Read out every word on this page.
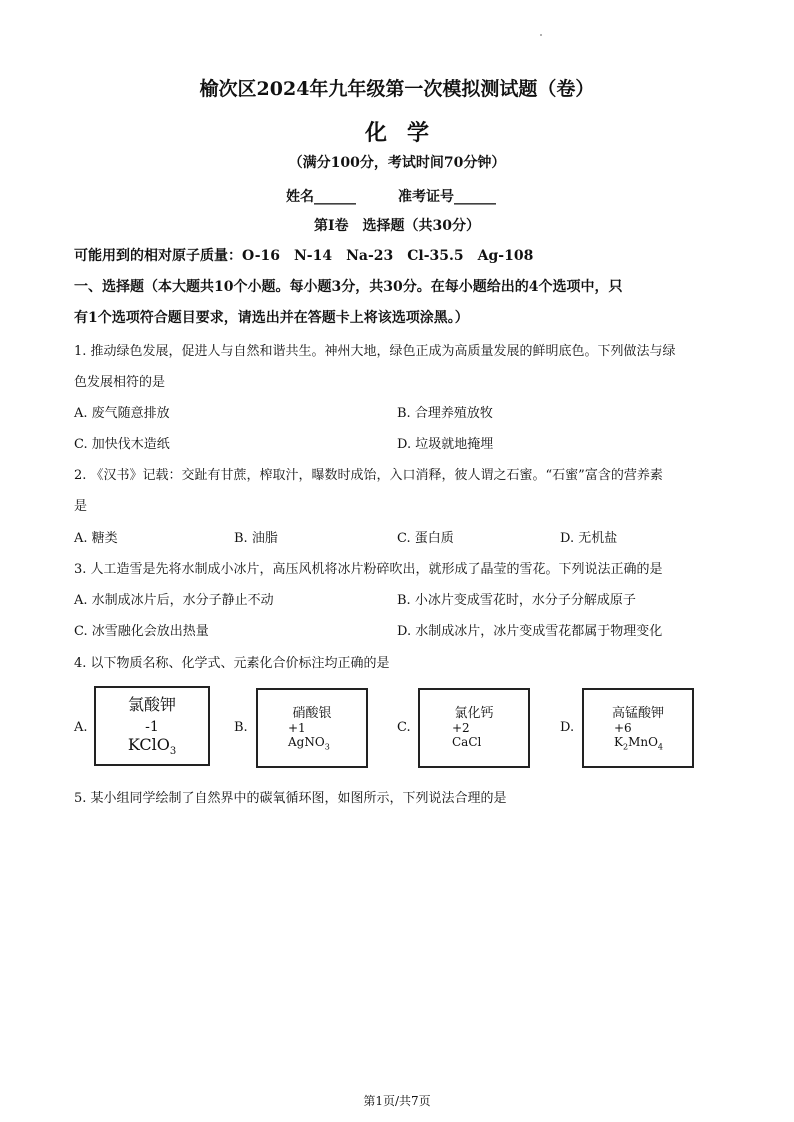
榆次区2024年九年级第一次模拟测试题（卷）
化学
（满分100分，考试时间70分钟）
姓名______	准考证号______
第Ⅰ卷　选择题（共30分）
可能用到的相对原子质量：O-16　N-14　Na-23　Cl-35.5　Ag-108
一、选择题（本大题共10个小题。每小题3分，共30分。在每小题给出的4个选项中，只
有1个选项符合题目要求，请选出并在答题卡上将该选项涂黑。）
1. 推动绿色发展，促进人与自然和谐共生。神州大地，绿色正成为高质量发展的鲜明底色。下列做法与绿
色发展相符的是
A. 废气随意排放	B. 合理养殖放牧
C. 加快伐木造纸	D. 垃圾就地掩埋
2. 《汉书》记载：交趾有甘蔗，榨取汁，曝数时成饴，入口消释，彼人谓之石蜜。“石蜜”富含的营养素
是
A. 糖类	B. 油脂	C. 蛋白质	D. 无机盐
3. 人工造雪是先将水制成小冰片，高压风机将冰片粉碎吹出，就形成了晶莹的雪花。下列说法正确的是
A. 水制成冰片后，水分子静止不动	B. 小冰片变成雪花时，水分子分解成原子
C. 冰雪融化会放出热量	D. 水制成冰片，冰片变成雪花都属于物理变化
4. 以下物质名称、化学式、元素化合价标注均正确的是
A.
氯酸钾
-1
KClO$_3$
B.
硝酸银
+1
AgNO$_3$
C.
氯化钙
+2
CaCl
D.
高锰酸钾
+6
$K_2MnO_4$
5. 某小组同学绘制了自然界中的碳氧循环图，如图所示，下列说法合理的是
第1页/共7页
